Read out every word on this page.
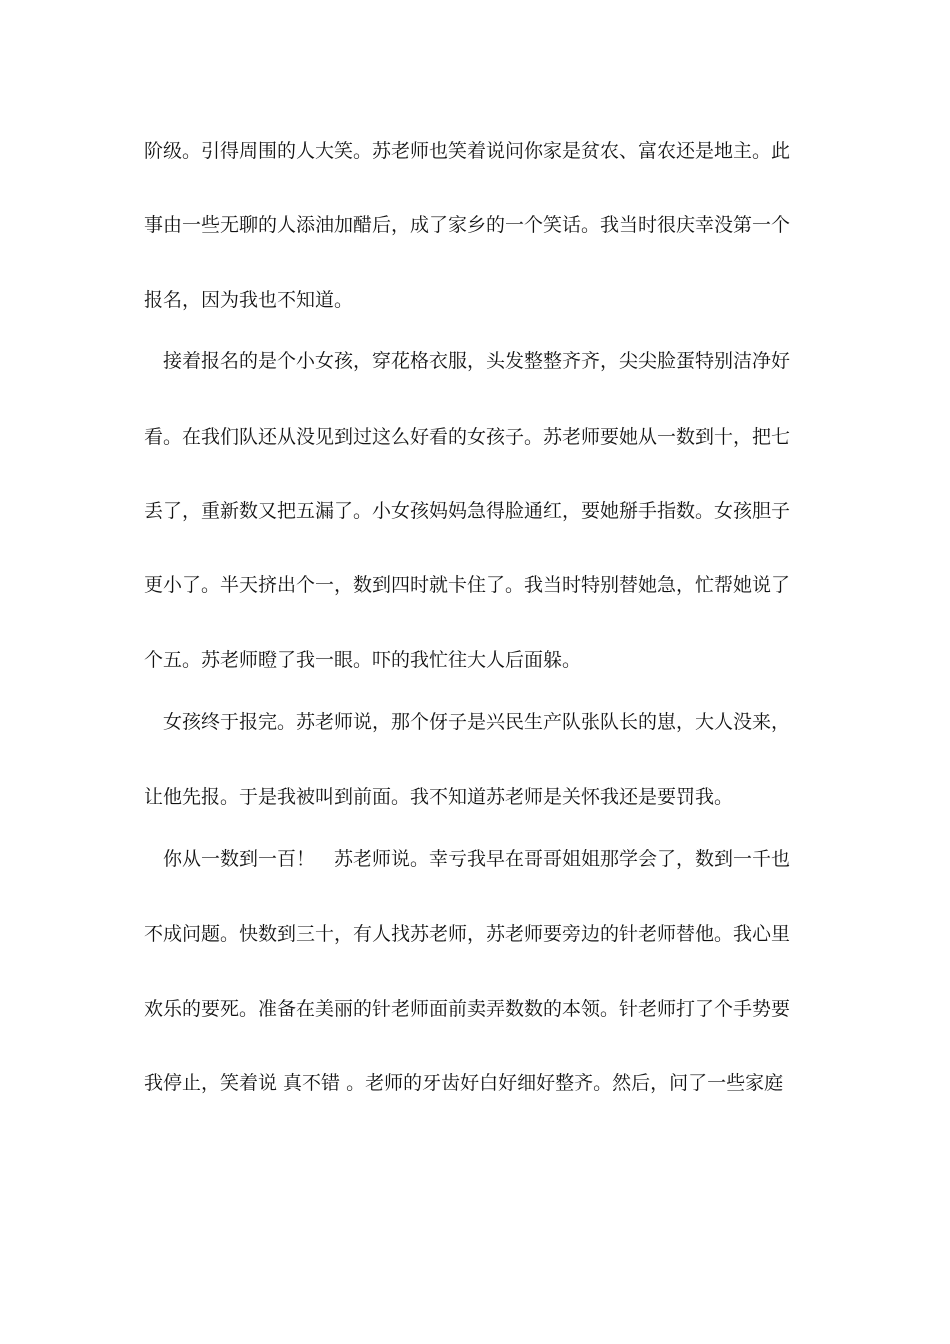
阶级。引得周围的人大笑。苏老师也笑着说问你家是贫农、富农还是地主。此
事由一些无聊的人添油加醋后，成了家乡的一个笑话。我当时很庆幸没第一个
报名，因为我也不知道。
　接着报名的是个小女孩，穿花格衣服，头发整整齐齐，尖尖脸蛋特别洁净好
看。在我们队还从没见到过这么好看的女孩子。苏老师要她从一数到十，把七
丢了，重新数又把五漏了。小女孩妈妈急得脸通红，要她掰手指数。女孩胆子
更小了。半天挤出个一，数到四时就卡住了。我当时特别替她急，忙帮她说了
个五。苏老师瞪了我一眼。吓的我忙往大人后面躲。
　女孩终于报完。苏老师说，那个伢子是兴民生产队张队长的崽，大人没来，
让他先报。于是我被叫到前面。我不知道苏老师是关怀我还是要罚我。
　你从一数到一百！　苏老师说。幸亏我早在哥哥姐姐那学会了，数到一千也
不成问题。快数到三十，有人找苏老师，苏老师要旁边的针老师替他。我心里
欢乐的要死。准备在美丽的针老师面前卖弄数数的本领。针老师打了个手势要
我停止，笑着说 真不错 。老师的牙齿好白好细好整齐。然后，问了一些家庭
